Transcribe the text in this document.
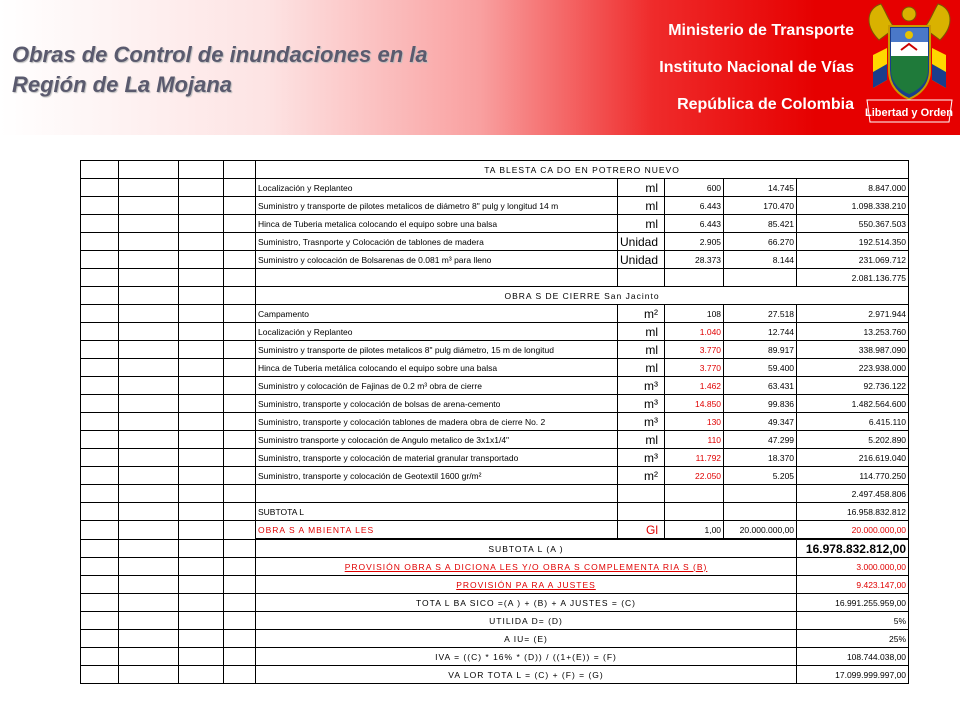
Obras de Control de inundaciones en la
Región de La Mojana
Ministerio de Transporte
Instituto Nacional de Vías
República de Colombia Libertad y Orden
				TA BLESTA CA DO EN POTRERO NUEVO				
				Localización y Replanteo	ml	600	14.745	8.847.000
				Suministro y transporte de pilotes metalicos de diámetro 8" pulg y longitud 14 m	ml	6.443	170.470	1.098.338.210
				Hinca de Tuberia metalica colocando el equipo sobre una balsa	ml	6.443	85.421	550.367.503
				Suministro, Trasnporte y Colocación de tablones de madera	Unidad	2.905	66.270	192.514.350
				Suministro y colocación de Bolsarenas de 0.081 m³ para lleno	Unidad	28.373	8.144	231.069.712
								2.081.136.775
				OBRA S DE CIERRE San Jacinto				
				Campamento	m²	108	27.518	2.971.944
				Localización y Replanteo	ml	1.040	12.744	13.253.760
				Suministro y transporte de pilotes metalicos 8" pulg diámetro, 15 m de longitud	ml	3.770	89.917	338.987.090
				Hinca de Tuberia metálica colocando el equipo sobre una balsa	ml	3.770	59.400	223.938.000
				Suministro y colocación de Fajinas de 0.2 m³ obra de cierre	m³	1.462	63.431	92.736.122
				Suministro, transporte y colocación de bolsas de arena-cemento	m³	14.850	99.836	1.482.564.600
				Suministro, transporte y colocación tablones de madera obra de cierre No. 2	m³	130	49.347	6.415.110
				Suministro transporte y colocación de Angulo metalico de 3x1x1/4"	ml	110	47.299	5.202.890
				Suministro, transporte y colocación de material granular transportado	m³	11.792	18.370	216.619.040
				Suministro, transporte y colocación de Geotextil 1600 gr/m²	m²	22.050	5.205	114.770.250
								2.497.458.806
				SUBTOTA L				16.958.832.812
				OBRA S A MBIENTA LES	Gl	1,00	20.000.000,00	20.000.000,00
				SUBTOTA L (A )				16.978.832.812,00
				PROVISIÓN OBRA S A DICIONA LES Y/O OBRA S COMPLEMENTA RIA S (B)				3.000.000,00
				PROVISIÓN PA RA A JUSTES				9.423.147,00
				TOTA L BA SICO =(A ) + (B) + A JUSTES = (C)				16.991.255.959,00
				UTILIDA D= (D)				5%
				A IU= (E)				25%
				IVA = ((C) * 16% * (D)) / ((1+(E)) = (F)				108.744.038,00
				VA LOR TOTA L = (C) + (F) = (G)				17.099.999.997,00
